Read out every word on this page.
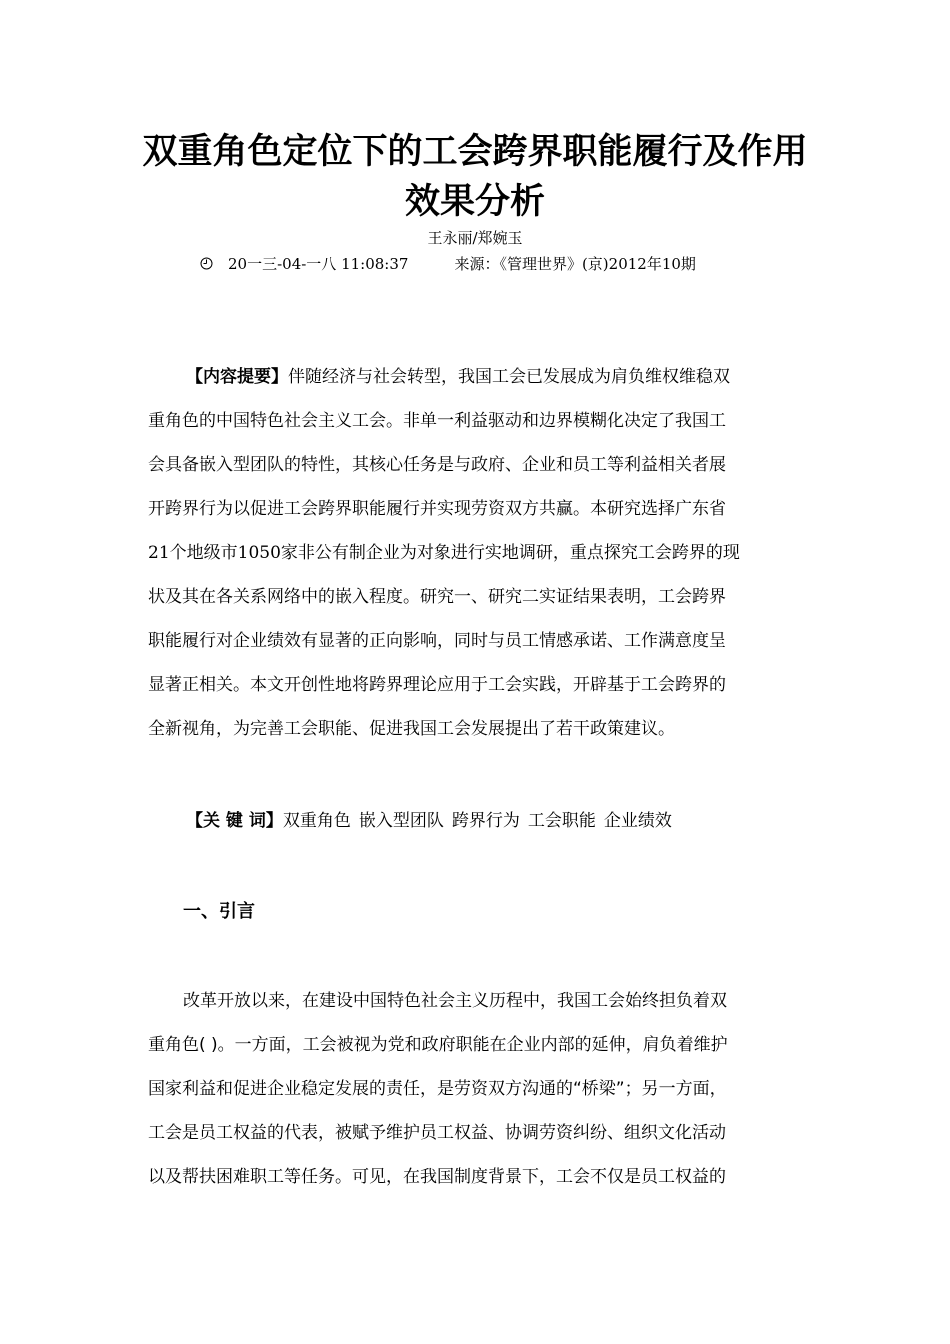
双重角色定位下的工会跨界职能履行及作用
效果分析
王永丽/郑婉玉
20一三-04-一八 11:08:37	来源：《管理世界》(京)2012年10期
【内容提要】伴随经济与社会转型，我国工会已发展成为肩负维权维稳双
重角色的中国特色社会主义工会。非单一利益驱动和边界模糊化决定了我国工
会具备嵌入型团队的特性，其核心任务是与政府、企业和员工等利益相关者展
开跨界行为以促进工会跨界职能履行并实现劳资双方共赢。本研究选择广东省
21个地级市1050家非公有制企业为对象进行实地调研，重点探究工会跨界的现
状及其在各关系网络中的嵌入程度。研究一、研究二实证结果表明，工会跨界
职能履行对企业绩效有显著的正向影响，同时与员工情感承诺、工作满意度呈
显著正相关。本文开创性地将跨界理论应用于工会实践，开辟基于工会跨界的
全新视角，为完善工会职能、促进我国工会发展提出了若干政策建议。
【关 键 词】双重角色 嵌入型团队 跨界行为 工会职能 企业绩效
一、引言
改革开放以来，在建设中国特色社会主义历程中，我国工会始终担负着双
重角色( )。一方面，工会被视为党和政府职能在企业内部的延伸，肩负着维护
国家利益和促进企业稳定发展的责任，是劳资双方沟通的“桥梁”；另一方面，
工会是员工权益的代表，被赋予维护员工权益、协调劳资纠纷、组织文化活动
以及帮扶困难职工等任务。可见，在我国制度背景下，工会不仅是员工权益的
